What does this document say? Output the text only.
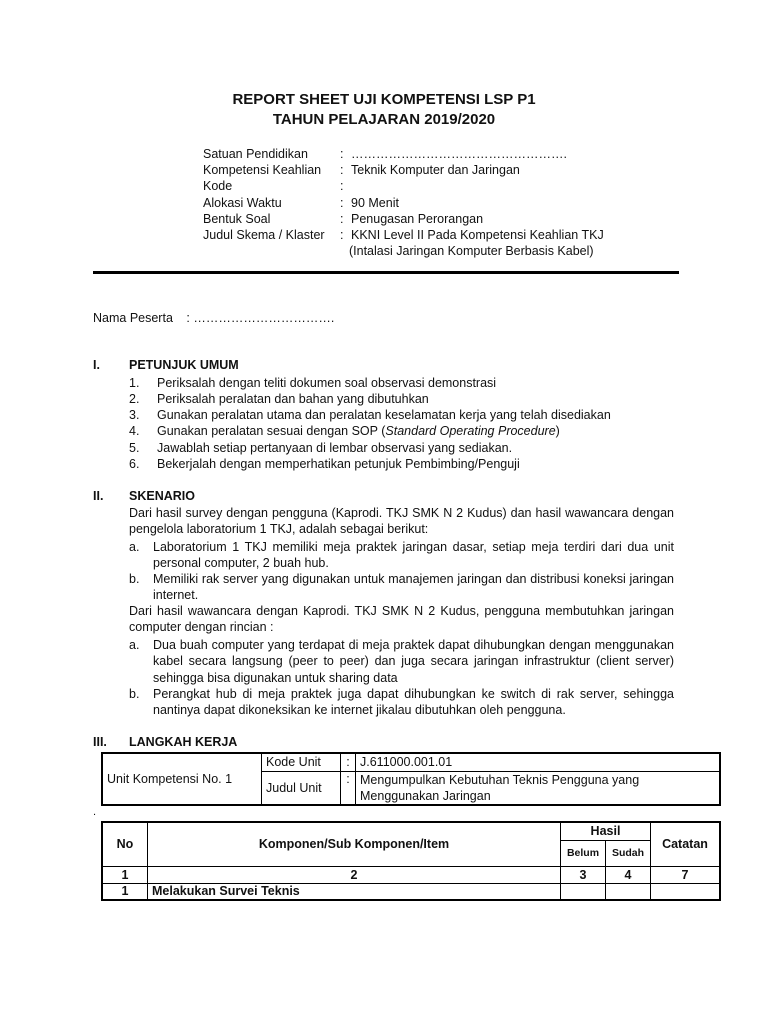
REPORT SHEET UJI KOMPETENSI LSP P1
TAHUN PELAJARAN 2019/2020
Satuan Pendidikan	: …………………………………………….
Kompetensi Keahlian : Teknik Komputer dan Jaringan
Kode	:
Alokasi Waktu	: 90 Menit
Bentuk Soal	: Penugasan Perorangan
Judul Skema / Klaster : KKNI Level II Pada Kompetensi Keahlian TKJ
(Intalasi Jaringan Komputer Berbasis Kabel)
Nama Peserta : …………………………….
I. PETUNJUK UMUM
1. Periksalah dengan teliti dokumen soal observasi demonstrasi
2. Periksalah peralatan dan bahan yang dibutuhkan
3. Gunakan peralatan utama dan peralatan keselamatan kerja yang telah disediakan
4. Gunakan peralatan sesuai dengan SOP (Standard Operating Procedure)
5. Jawablah setiap pertanyaan di lembar observasi yang sediakan.
6. Bekerjalah dengan memperhatikan petunjuk Pembimbing/Penguji
II. SKENARIO
Dari hasil survey dengan pengguna (Kaprodi. TKJ SMK N 2 Kudus) dan hasil wawancara dengan pengelola laboratorium 1 TKJ, adalah sebagai berikut:
a. Laboratorium 1 TKJ memiliki meja praktek jaringan dasar, setiap meja terdiri dari dua unit personal computer, 2 buah hub.
b. Memiliki rak server yang digunakan untuk manajemen jaringan dan distribusi koneksi jaringan internet.
Dari hasil wawancara dengan Kaprodi. TKJ SMK N 2 Kudus, pengguna membutuhkan jaringan computer dengan rincian :
a. Dua buah computer yang terdapat di meja praktek dapat dihubungkan dengan menggunakan kabel secara langsung (peer to peer) dan juga secara jaringan infrastruktur (client server) sehingga bisa digunakan untuk sharing data
b. Perangkat hub di meja praktek juga dapat dihubungkan ke switch di rak server, sehingga nantinya dapat dikoneksikan ke internet jikalau dibutuhkan oleh pengguna.
III. LANGKAH KERJA
Unit Kompetensi No. 1	Kode Unit	:	J.611000.001.01
	Judul Unit	:	Mengumpulkan Kebutuhan Teknis Pengguna yang
Menggunakan Jaringan
.
No	Komponen/Sub Komponen/Item	Hasil		Catatan
		Belum	Sudah	
1	2	3	4	7
1	Melakukan Survei Teknis			
